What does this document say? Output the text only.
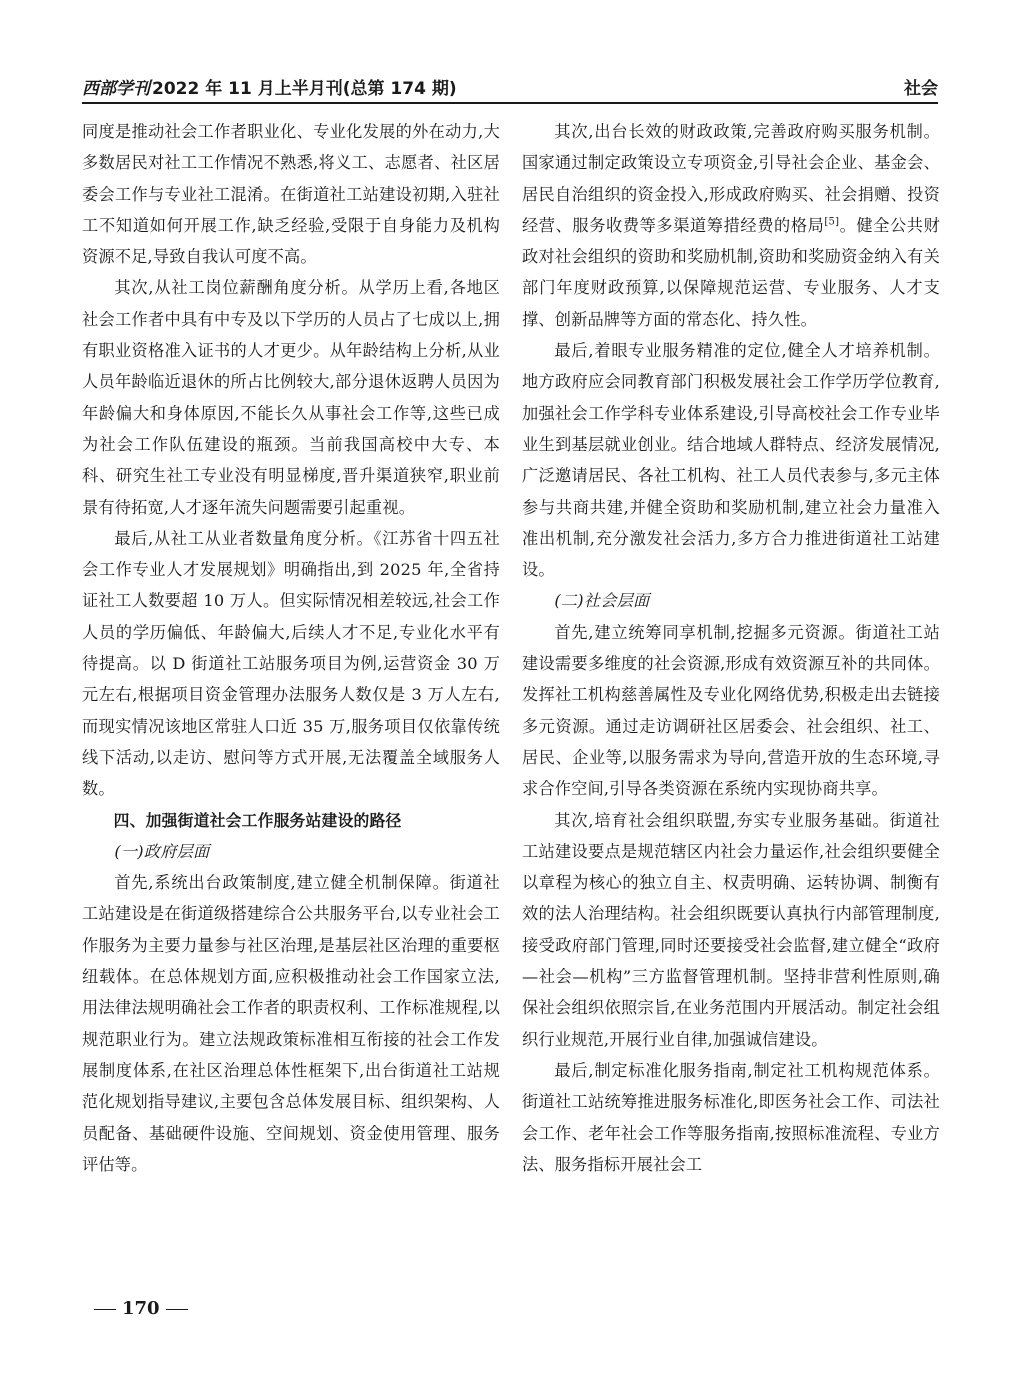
西部学刊 2022 年 11 月上半月刊(总第 174 期)	社会

同度是推动社会工作者职业化、专业化发展的外在动力,大多数居民对社工工作情况不熟悉,将义工、志愿者、社区居委会工作与专业社工混淆。在街道社工站建设初期,入驻社工不知道如何开展工作,缺乏经验,受限于自身能力及机构资源不足,导致自我认可度不高。

其次,从社工岗位薪酬角度分析。从学历上看,各地区社会工作者中具有中专及以下学历的人员占了七成以上,拥有职业资格准入证书的人才更少。从年龄结构上分析,从业人员年龄临近退休的所占比例较大,部分退休返聘人员因为年龄偏大和身体原因,不能长久从事社会工作等,这些已成为社会工作队伍建设的瓶颈。当前我国高校中大专、本科、研究生社工专业没有明显梯度,晋升渠道狭窄,职业前景有待拓宽,人才逐年流失问题需要引起重视。

最后,从社工从业者数量角度分析。《江苏省十四五社会工作专业人才发展规划》明确指出,到 2025 年,全省持证社工人数要超 10 万人。但实际情况相差较远,社会工作人员的学历偏低、年龄偏大,后续人才不足,专业化水平有待提高。以 D 街道社工站服务项目为例,运营资金 30 万元左右,根据项目资金管理办法服务人数仅是 3 万人左右,而现实情况该地区常驻人口近 35 万,服务项目仅依靠传统线下活动,以走访、慰问等方式开展,无法覆盖全域服务人数。

四、加强街道社会工作服务站建设的路径

(一)政府层面

首先,系统出台政策制度,建立健全机制保障。街道社工站建设是在街道级搭建综合公共服务平台,以专业社会工作服务为主要力量参与社区治理,是基层社区治理的重要枢纽载体。在总体规划方面,应积极推动社会工作国家立法,用法律法规明确社会工作者的职责权利、工作标准规程,以规范职业行为。建立法规政策标准相互衔接的社会工作发展制度体系,在社区治理总体性框架下,出台街道社工站规范化规划指导建议,主要包含总体发展目标、组织架构、人员配备、基础硬件设施、空间规划、资金使用管理、服务评估等。

其次,出台长效的财政政策,完善政府购买服务机制。国家通过制定政策设立专项资金,引导社会企业、基金会、居民自治组织的资金投入,形成政府购买、社会捐赠、投资经营、服务收费等多渠道筹措经费的格局[5]。健全公共财政对社会组织的资助和奖励机制,资助和奖励资金纳入有关部门年度财政预算,以保障规范运营、专业服务、人才支撑、创新品牌等方面的常态化、持久性。

最后,着眼专业服务精准的定位,健全人才培养机制。地方政府应会同教育部门积极发展社会工作学历学位教育,加强社会工作学科专业体系建设,引导高校社会工作专业毕业生到基层就业创业。结合地域人群特点、经济发展情况,广泛邀请居民、各社工机构、社工人员代表参与,多元主体参与共商共建,并健全资助和奖励机制,建立社会力量准入准出机制,充分激发社会活力,多方合力推进街道社工站建设。

(二)社会层面

首先,建立统筹同享机制,挖掘多元资源。街道社工站建设需要多维度的社会资源,形成有效资源互补的共同体。发挥社工机构慈善属性及专业化网络优势,积极走出去链接多元资源。通过走访调研社区居委会、社会组织、社工、居民、企业等,以服务需求为导向,营造开放的生态环境,寻求合作空间,引导各类资源在系统内实现协商共享。

其次,培育社会组织联盟,夯实专业服务基础。街道社工站建设要点是规范辖区内社会力量运作,社会组织要健全以章程为核心的独立自主、权责明确、运转协调、制衡有效的法人治理结构。社会组织既要认真执行内部管理制度,接受政府部门管理,同时还要接受社会监督,建立健全“政府—社会—机构”三方监督管理机制。坚持非营利性原则,确保社会组织依照宗旨,在业务范围内开展活动。制定社会组织行业规范,开展行业自律,加强诚信建设。

最后,制定标准化服务指南,制定社工机构规范体系。街道社工站统筹推进服务标准化,即医务社会工作、司法社会工作、老年社会工作等服务指南,按照标准流程、专业方法、服务指标开展社会工

170
